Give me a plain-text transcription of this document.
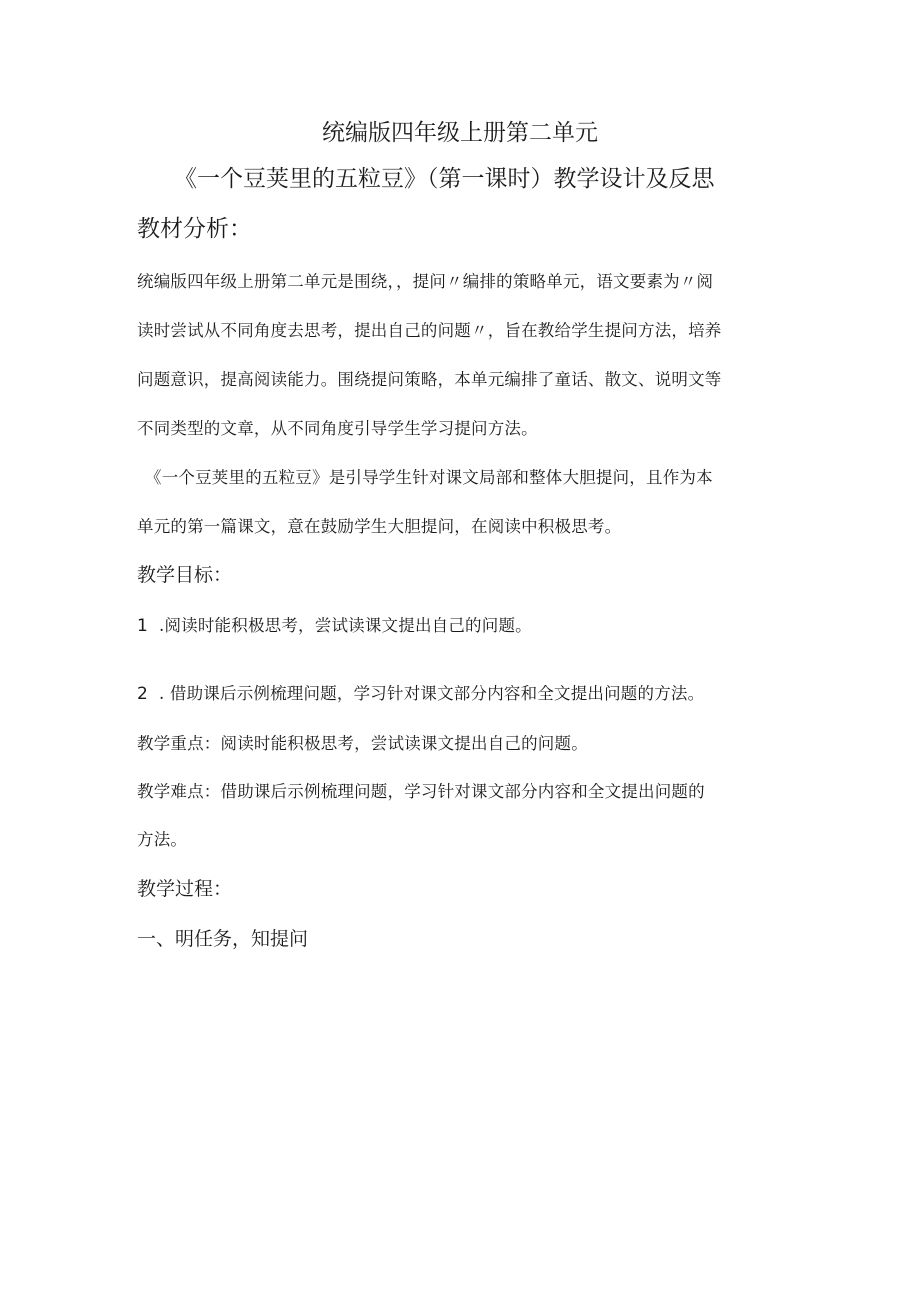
统编版四年级上册第二单元

《一个豆荚里的五粒豆》（第一课时）教学设计及反思

教材分析：

统编版四年级上册第二单元是围绕，，提问〃编排的策略单元，语文要素为〃阅

读时尝试从不同角度去思考，提出自己的问题〃，旨在教给学生提问方法，培养

问题意识，提高阅读能力。围绕提问策略，本单元编排了童话、散文、说明文等

不同类型的文章，从不同角度引导学生学习提问方法。

《一个豆荚里的五粒豆》是引导学生针对课文局部和整体大胆提问，且作为本

单元的第一篇课文，意在鼓励学生大胆提问，在阅读中积极思考。

教学目标：

1 .阅读时能积极思考，尝试读课文提出自己的问题。

2 . 借助课后示例梳理问题，学习针对课文部分内容和全文提出问题的方法。

教学重点：阅读时能积极思考，尝试读课文提出自己的问题。

教学难点：借助课后示例梳理问题，学习针对课文部分内容和全文提出问题的

方法。

教学过程：

一、明任务，知提问
